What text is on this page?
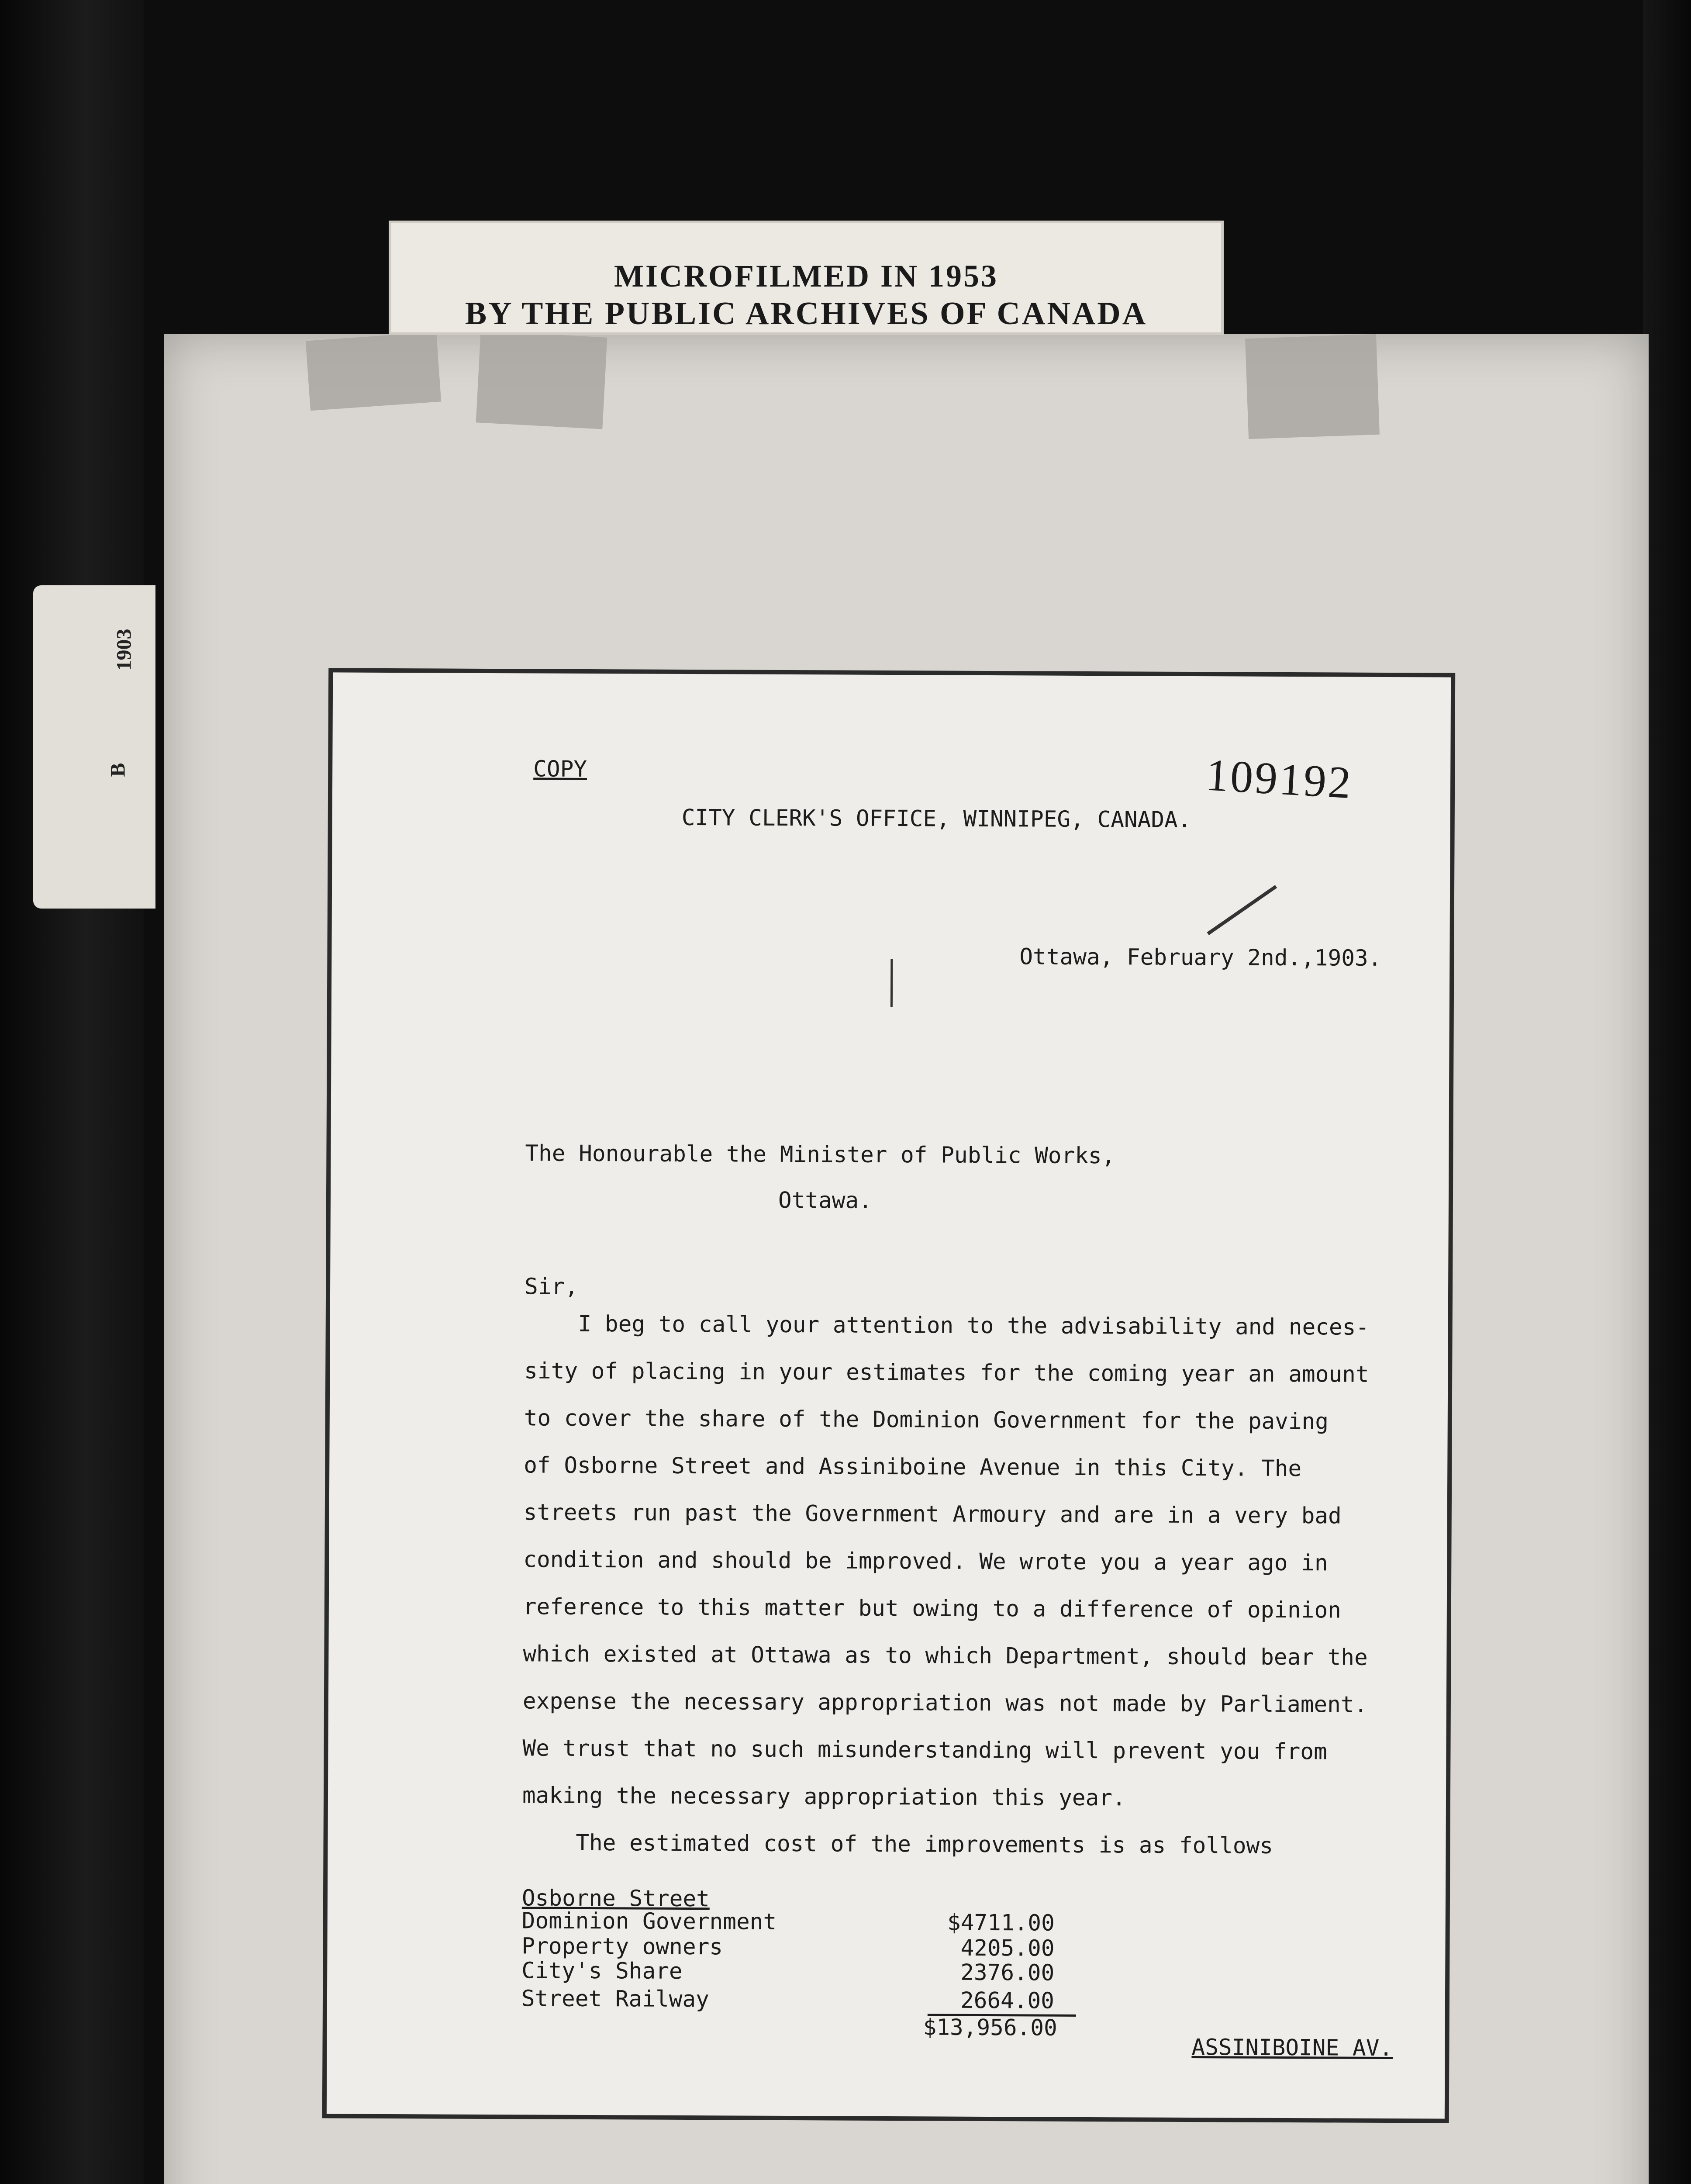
1903
B
MICROFILMED IN 1953
BY THE PUBLIC ARCHIVES OF CANADA
COPY	109192
CITY CLERK'S OFFICE, WINNIPEG, CANADA.
Ottawa, February 2nd.,1903.
The Honourable the Minister of Public Works,
Ottawa.
Sir,
I beg to call your attention to the advisability and neces-
sity of placing in your estimates for the coming year an amount
to cover the share of the Dominion Government for the paving
of Osborne Street and Assiniboine Avenue in this City. The
streets run past the Government Armoury and are in a very bad
condition and should be improved. We wrote you a year ago in
reference to this matter but owing to a difference of opinion
which existed at Ottawa as to which Department, should bear the
expense the necessary appropriation was not made by Parliament.
We trust that no such misunderstanding will prevent you from
making the necessary appropriation this year.
The estimated cost of the improvements is as follows
Osborne Street
Dominion Government	$4711.00
Property owners	4205.00
City's Share	2376.00
Street Railway	2664.00
$13,956.00
ASSINIBOINE AV.
